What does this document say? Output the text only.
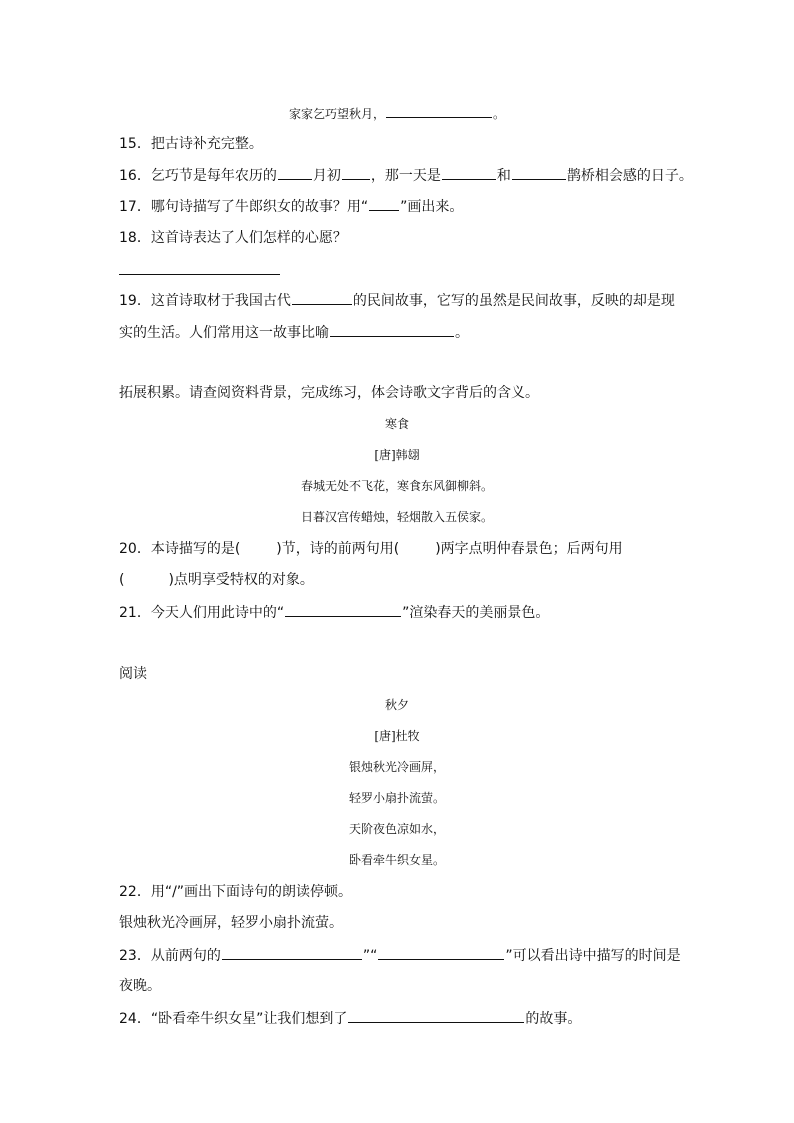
家家乞巧望秋月，	。
15．把古诗补充完整。
16．乞巧节是每年农历的	月初 ，那一天是	和	鹊桥相会感的日子。
17．哪句诗描写了牛郎织女的故事？用“ ”画出来。
18．这首诗表达了人们怎样的心愿？
19．这首诗取材于我国古代	的民间故事，它写的虽然是民间故事，反映的却是现
实的生活。人们常用这一故事比喻	。
拓展积累。请查阅资料背景，完成练习，体会诗歌文字背后的含义。
寒食
[唐]韩翃
春城无处不飞花，寒食东风御柳斜。
日暮汉宫传蜡烛，轻烟散入五侯家。
20．本诗描写的是(	)节，诗的前两句用(	)两字点明仲春景色；后两句用
(	)点明享受特权的对象。
21．今天人们用此诗中的“	”渲染春天的美丽景色。
阅读
秋夕
[唐]杜牧
银烛秋光冷画屏，
轻罗小扇扑流萤。
天阶夜色凉如水，
卧看牵牛织女星。
22．用“/”画出下面诗句的朗读停顿。
银烛秋光冷画屏，轻罗小扇扑流萤。
23．从前两句的	”“	”可以看出诗中描写的时间是
夜晚。
24．“卧看牵牛织女星”让我们想到了	的故事。
